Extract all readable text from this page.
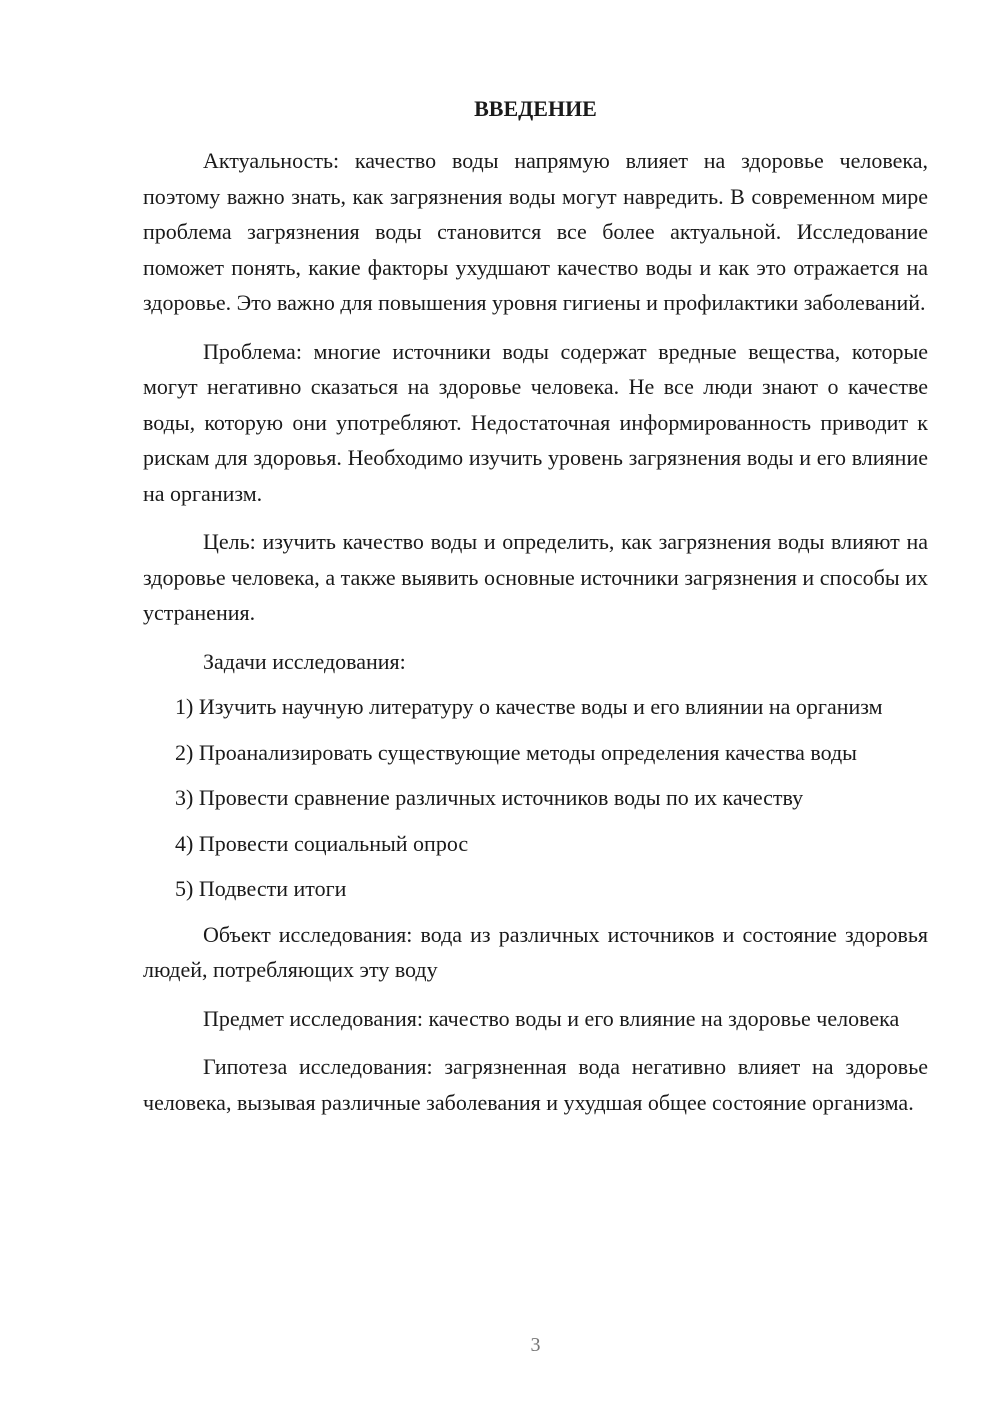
ВВЕДЕНИЕ

Актуальность: качество воды напрямую влияет на здоровье человека, поэтому важно знать, как загрязнения воды могут навредить. В современном мире проблема загрязнения воды становится все более актуальной. Исследование поможет понять, какие факторы ухудшают качество воды и как это отражается на здоровье. Это важно для повышения уровня гигиены и профилактики заболеваний.

Проблема: многие источники воды содержат вредные вещества, которые могут негативно сказаться на здоровье человека. Не все люди знают о качестве воды, которую они употребляют. Недостаточная информированность приводит к рискам для здоровья. Необходимо изучить уровень загрязнения воды и его влияние на организм.

Цель: изучить качество воды и определить, как загрязнения воды влияют на здоровье человека, а также выявить основные источники загрязнения и способы их устранения.

Задачи исследования:

1) Изучить научную литературу о качестве воды и его влиянии на организм

2) Проанализировать существующие методы определения качества воды

3) Провести сравнение различных источников воды по их качеству

4) Провести социальный опрос

5) Подвести итоги

Объект исследования: вода из различных источников и состояние здоровья людей, потребляющих эту воду

Предмет исследования: качество воды и его влияние на здоровье человека

Гипотеза исследования: загрязненная вода негативно влияет на здоровье человека, вызывая различные заболевания и ухудшая общее состояние организма.

3
